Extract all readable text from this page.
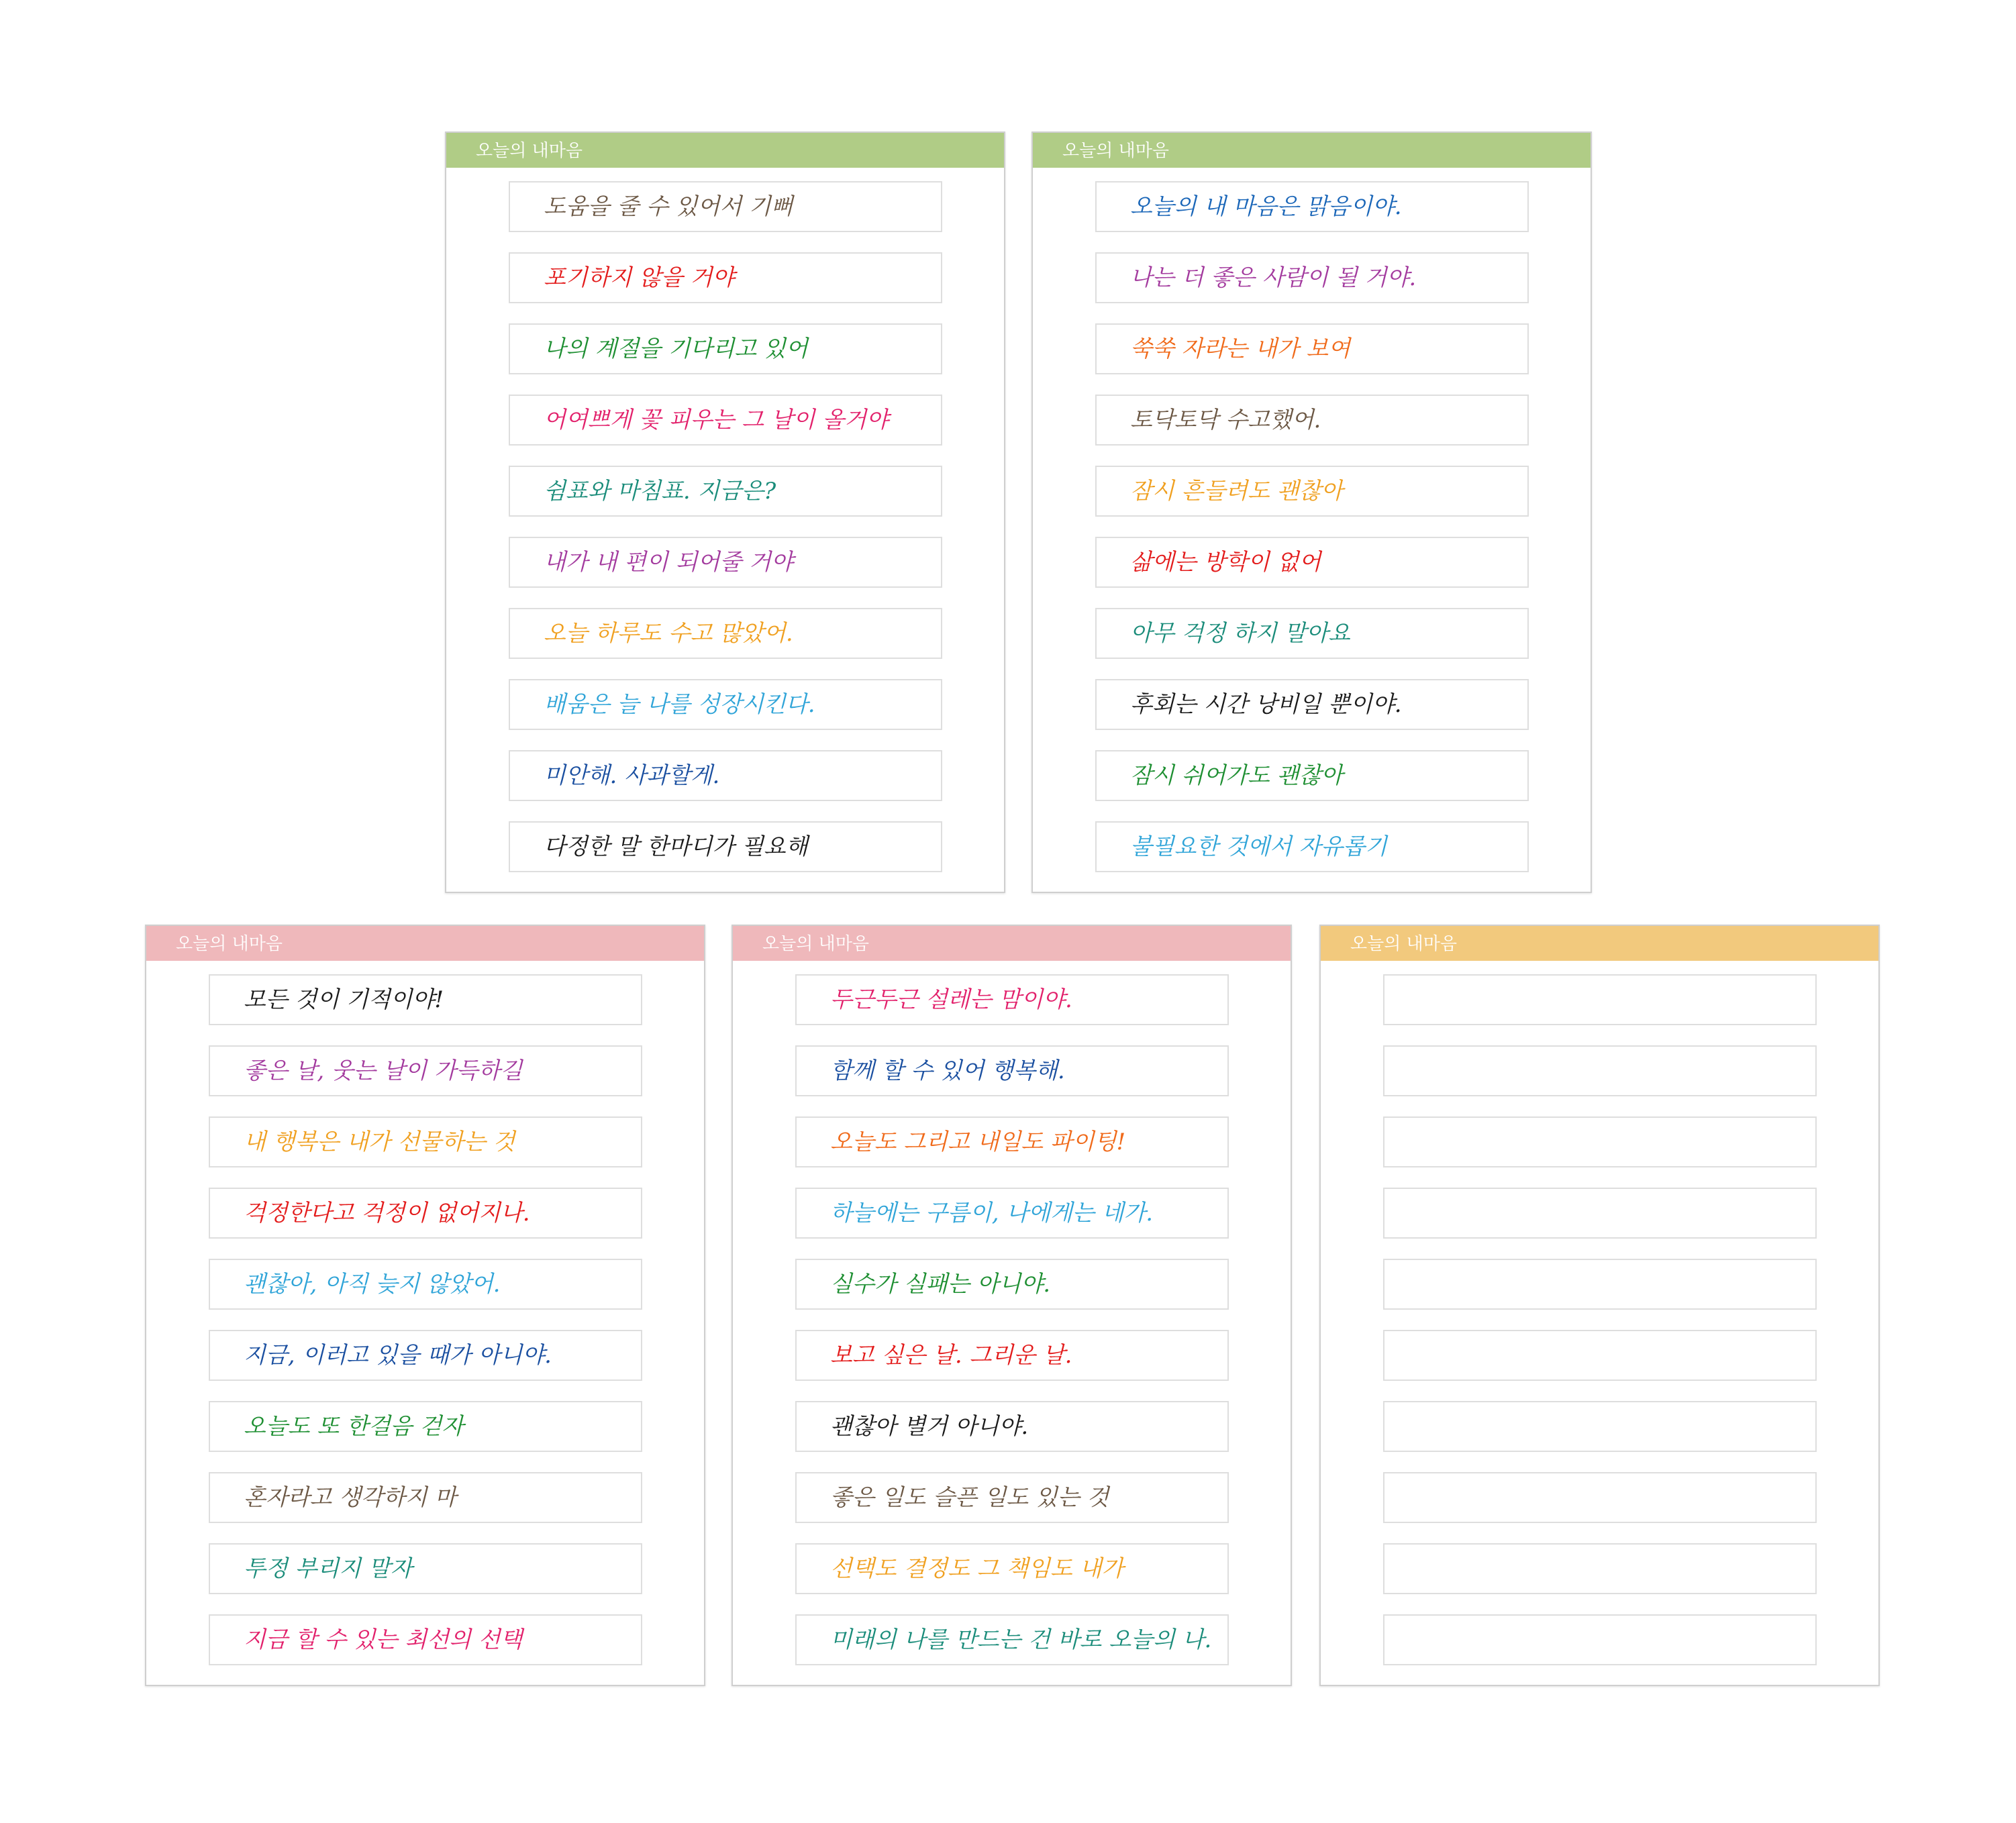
오늘의 내마음
도움을 줄 수 있어서 기뻐
포기하지 않을 거야
나의 계절을 기다리고 있어
어여쁘게 꽃 피우는 그 날이 올거야
쉼표와 마침표. 지금은?
내가 내 편이 되어줄 거야
오늘 하루도 수고 많았어.
배움은 늘 나를 성장시킨다.
미안해. 사과할게.
다정한 말 한마디가 필요해
오늘의 내마음
오늘의 내 마음은 맑음이야.
나는 더 좋은 사람이 될 거야.
쑥쑥 자라는 내가 보여
토닥토닥 수고했어.
잠시 흔들려도 괜찮아
삶에는 방학이 없어
아무 걱정 하지 말아요
후회는 시간 낭비일 뿐이야.
잠시 쉬어가도 괜찮아
불필요한 것에서 자유롭기
오늘의 내마음
모든 것이 기적이야!
좋은 날, 웃는 날이 가득하길
내 행복은 내가 선물하는 것
걱정한다고 걱정이 없어지나.
괜찮아, 아직 늦지 않았어.
지금, 이러고 있을 때가 아니야.
오늘도 또 한걸음 걷자
혼자라고 생각하지 마
투정 부리지 말자
지금 할 수 있는 최선의 선택
오늘의 내마음
두근두근 설레는 맘이야.
함께 할 수 있어 행복해.
오늘도 그리고 내일도 파이팅!
하늘에는 구름이, 나에게는 네가.
실수가 실패는 아니야.
보고 싶은 날. 그리운 날.
괜찮아 별거 아니야.
좋은 일도 슬픈 일도 있는 것
선택도 결정도 그 책임도 내가
미래의 나를 만드는 건 바로 오늘의 나.
오늘의 내마음
